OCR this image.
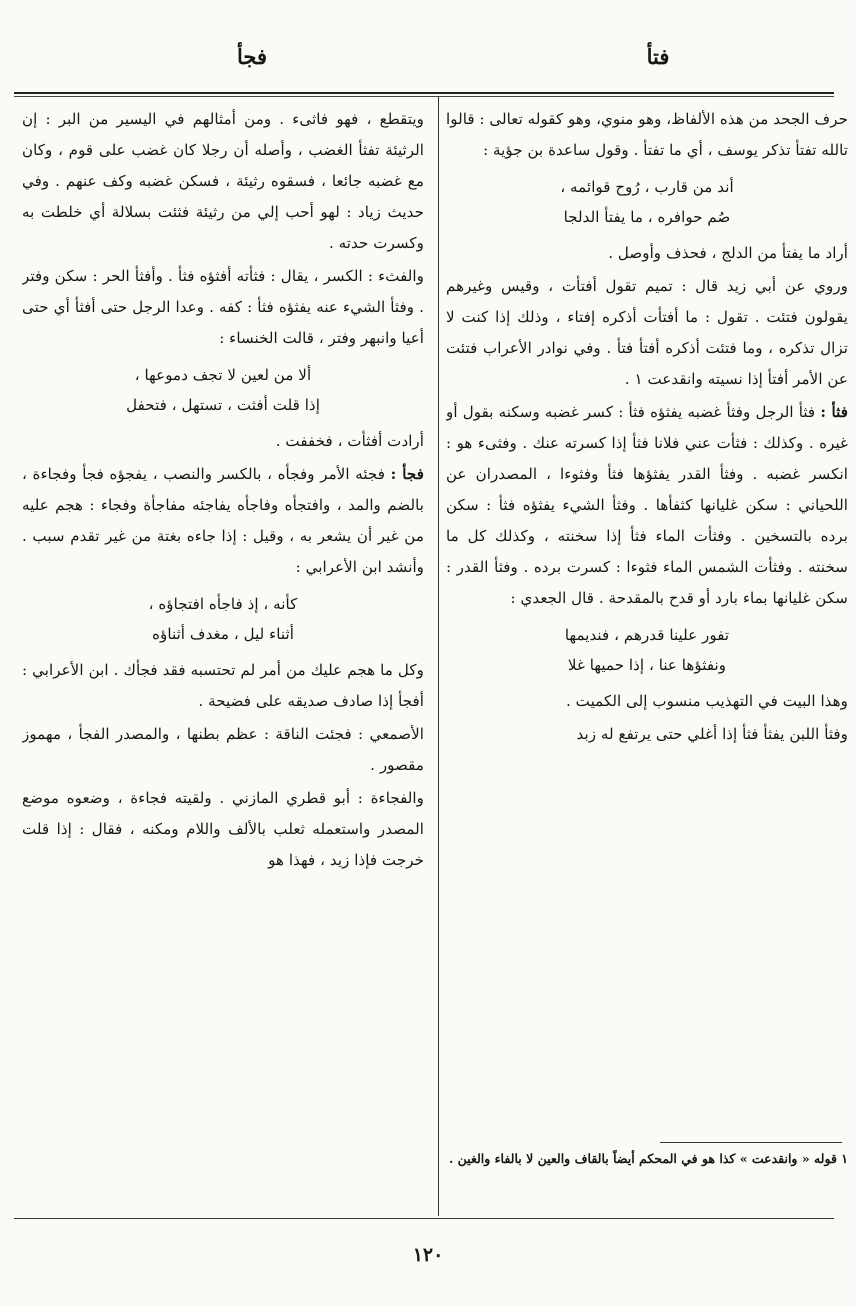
فتأ
فجأ

حرف الجحد من هذه الألفاظ، وهو منوي، وهو كقوله تعالى : قالوا تالله تفتأ تذكر يوسف ، أي ما تفتأ . وقول ساعدة بن جؤية :

أند من قارب ، رُوح قوائمه ،
صُم حوافره ، ما يفتأ الدلجا

أراد ما يفتأ من الدلج ، فحذف وأوصل .

وروي عن أبي زيد قال : تميم تقول أفتأت ، وقيس وغيرهم يقولون فتئت . تقول : ما أفتأت أذكره إفتاء ، وذلك إذا كنت لا تزال تذكره ، وما فتئت أذكره أفتأ فتأ . وفي نوادر الأعراب فتئت عن الأمر أفتأ إذا نسيته وانقدعت ١ .

فثأ : فثأ الرجل وفثأ غضبه يفثؤه فثأ : كسر غضبه وسكنه بقول أو غيره . وكذلك : فثأت عني فلانا فثأ إذا كسرته عنك . وفثىء هو : انكسر غضبه . وفثأ القدر يفثؤها فثأ وفثوءا ، المصدران عن اللحياني : سكن غليانها كثفأها . وفثأ الشيء يفثؤه فثأ : سكن برده بالتسخين . وفثأت الماء فثأ إذا سخنته ، وكذلك كل ما سخنته . وفثأت الشمس الماء فثوءا : كسرت برده . وفثأ القدر : سكن غليانها بماء بارد أو قدح بالمقدحة . قال الجعدي :

تفور علينا قدرهم ، فنديمها
ونفثؤها عنا ، إذا حميها غلا

وهذا البيت في التهذيب منسوب إلى الكميت .

وفثأ اللبن يفثأ فثأ إذا أغلي حتى يرتفع له زبد

١ قوله « وانقدعت » كذا هو في المحكم أيضاً بالقاف والعين لا بالفاء والغين .

ويتقطع ، فهو فاثىء . ومن أمثالهم في اليسير من البر : إن الرثيئة تفثأ الغضب ، وأصله أن رجلا كان غضب على قوم ، وكان مع غضبه جائعا ، فسقوه رثيئة ، فسكن غضبه وكف عنهم . وفي حديث زياد : لهو أحب إلي من رثيئة فثئت بسلالة أي خلطت به وكسرت حدته .

والفثء : الكسر ، يقال : فثأته أفثؤه فثأ . وأفثأ الحر : سكن وفتر . وفثأ الشيء عنه يفثؤه فثأ : كفه . وعدا الرجل حتى أفثأ أي حتى أعيا وانبهر وفتر ، قالت الخنساء :

ألا من لعين لا تجف دموعها ،
إذا قلت أفثت ، تستهل ، فتحفل

أرادت أفثأت ، فخففت .

فجأ : فجئه الأمر وفجأه ، بالكسر والنصب ، يفجؤه فجأ وفجاءة ، بالضم والمد ، وافتجأه وفاجأه يفاجئه مفاجأة وفجاء : هجم عليه من غير أن يشعر به ، وقيل : إذا جاءه بغتة من غير تقدم سبب . وأنشد ابن الأعرابي :

كأنه ، إذ فاجأه افتجاؤه ،
أثناء ليل ، مغدف أثناؤه

وكل ما هجم عليك من أمر لم تحتسبه فقد فجأك . ابن الأعرابي : أفجأ إذا صادف صديقه على فضيحة .

الأصمعي : فجئت الناقة : عظم بطنها ، والمصدر الفجأ ، مهموز مقصور .

والفجاءة : أبو قطري المازني . ولقيته فجاءة ، وضعوه موضع المصدر واستعمله ثعلب بالألف واللام ومكنه ، فقال : إذا قلت خرجت فإذا زيد ، فهذا هو

١٢٠
